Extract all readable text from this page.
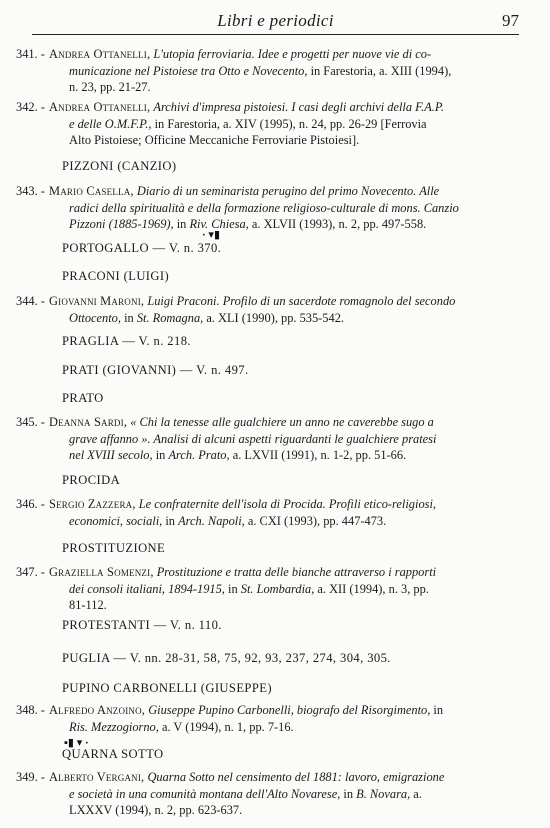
Libri e periodici	97
341. - Andrea Ottanelli, L'utopia ferroviaria. Idee e progetti per nuove vie di co-
municazione nel Pistoiese tra Otto e Novecento, in Farestoria, a. XIII (1994),
n. 23, pp. 21-27.
342. - Andrea Ottanelli, Archivi d'impresa pistoiesi. I casi degli archivi della F.A.P.
e delle O.M.F.P., in Farestoria, a. XIV (1995), n. 24, pp. 26-29 [Ferrovia
Alto Pistoiese; Officine Meccaniche Ferroviarie Pistoiesi].
PIZZONI (CANZIO)
343. - Mario Casella, Diario di un seminarista perugino del primo Novecento. Alle
radici della spiritualità e della formazione religioso-culturale di mons. Canzio
Pizzoni (1885-1969), in Riv. Chiesa, a. XLVII (1993), n. 2, pp. 497-558.
· ▾▮
PORTOGALLO — V. n. 370.
PRACONI (LUIGI)
344. - Giovanni Maroni, Luigi Praconi. Profilo di un sacerdote romagnolo del secondo
Ottocento, in St. Romagna, a. XLI (1990), pp. 535-542.
PRAGLIA — V. n. 218.
PRATI (GIOVANNI) — V. n. 497.
PRATO
345. - Deanna Sardi, « Chi la tenesse alle gualchiere un anno ne caverebbe sugo a
grave affanno ». Analisi di alcuni aspetti riguardanti le gualchiere pratesi
nel XVIII secolo, in Arch. Prato, a. LXVII (1991), n. 1-2, pp. 51-66.
PROCIDA
346. - Sergio Zazzera, Le confraternite dell'isola di Procida. Profili etico-religiosi,
economici, sociali, in Arch. Napoli, a. CXI (1993), pp. 447-473.
PROSTITUZIONE
347. - Graziella Somenzi, Prostituzione e tratta delle bianche attraverso i rapporti
dei consoli italiani, 1894-1915, in St. Lombardia, a. XII (1994), n. 3, pp.
81-112.
PROTESTANTI — V. n. 110.
PUGLIA — V. nn. 28-31, 58, 75, 92, 93, 237, 274, 304, 305.
PUPINO CARBONELLI (GIUSEPPE)
348. - Alfredo Anzoino, Giuseppe Pupino Carbonelli, biografo del Risorgimento, in
Ris. Mezzogiorno, a. V (1994), n. 1, pp. 7-16.
▪▮ ▾ ·
QUARNA SOTTO
349. - Alberto Vergani, Quarna Sotto nel censimento del 1881: lavoro, emigrazione
e società in una comunità montana dell'Alto Novarese, in B. Novara, a.
LXXXV (1994), n. 2, pp. 623-637.
